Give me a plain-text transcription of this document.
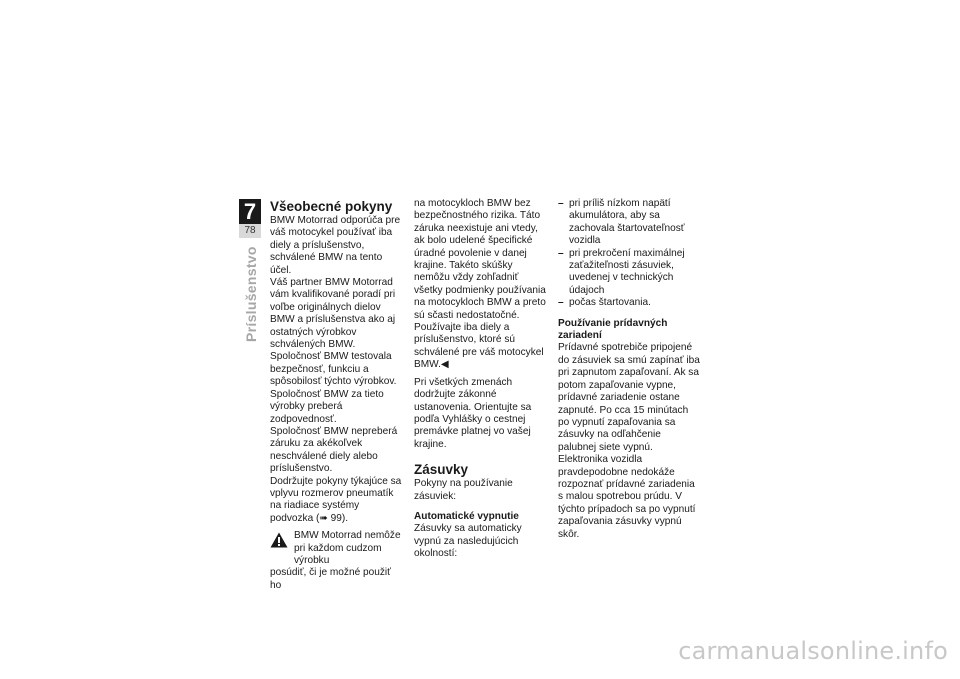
7
78
Príslušenstvo

Všeobecné pokyny

BMW Motorrad odporúča pre váš motocykel používať iba diely a príslušenstvo, schválené BMW na tento účel.

Váš partner BMW Motorrad vám kvalifikované poradí pri voľbe originálnych dielov BMW a príslušenstva ako aj ostatných výrobkov schválených BMW.

Spoločnosť BMW testovala bezpečnosť, funkciu a spôsobilosť týchto výrobkov. Spoločnosť BMW za tieto výrobky preberá zodpovednosť.

Spoločnosť BMW nepreberá záruku za akékoľvek neschválené diely alebo príslušenstvo.

Dodržujte pokyny týkajúce sa vplyvu rozmerov pneumatík na riadiace systémy podvozka (➠ 99).

BMW Motorrad nemôže pri každom cudzom výrobku
posúdiť, či je možné použiť ho

na motocykloch BMW bez bezpečnostného rizika. Táto záruka neexistuje ani vtedy, ak bolo udelené špecifické úradné povolenie v danej krajine. Takéto skúšky nemôžu vždy zohľadniť všetky podmienky používania na motocykloch BMW a preto sú sčasti nedostatočné.

Používajte iba diely a príslušenstvo, ktoré sú schválené pre váš motocykel BMW.◀

Pri všetkých zmenách dodržujte zákonné ustanovenia. Orientujte sa podľa Vyhlášky o cestnej premávke platnej vo vašej krajine.

Zásuvky

Pokyny na používanie zásuviek:

Automatické vypnutie

Zásuvky sa automaticky vypnú za nasledujúcich okolností:

– pri príliš nízkom napätí akumulátora, aby sa zachovala štartovateľnosť vozidla
– pri prekročení maximálnej zaťažiteľnosti zásuviek, uvedenej v technických údajoch
– počas štartovania.

Používanie prídavných zariadení

Prídavné spotrebiče pripojené do zásuviek sa smú zapínať iba pri zapnutom zapaľovaní. Ak sa potom zapaľovanie vypne, prídavné zariadenie ostane zapnuté. Po cca 15 minútach po vypnutí zapaľovania sa zásuvky na odľahčenie palubnej siete vypnú.

Elektronika vozidla pravdepodobne nedokáže rozpoznať prídavné zariadenia s malou spotrebou prúdu. V týchto prípadoch sa po vypnutí zapaľovania zásuvky vypnú skôr.

carmanualsonline.info
